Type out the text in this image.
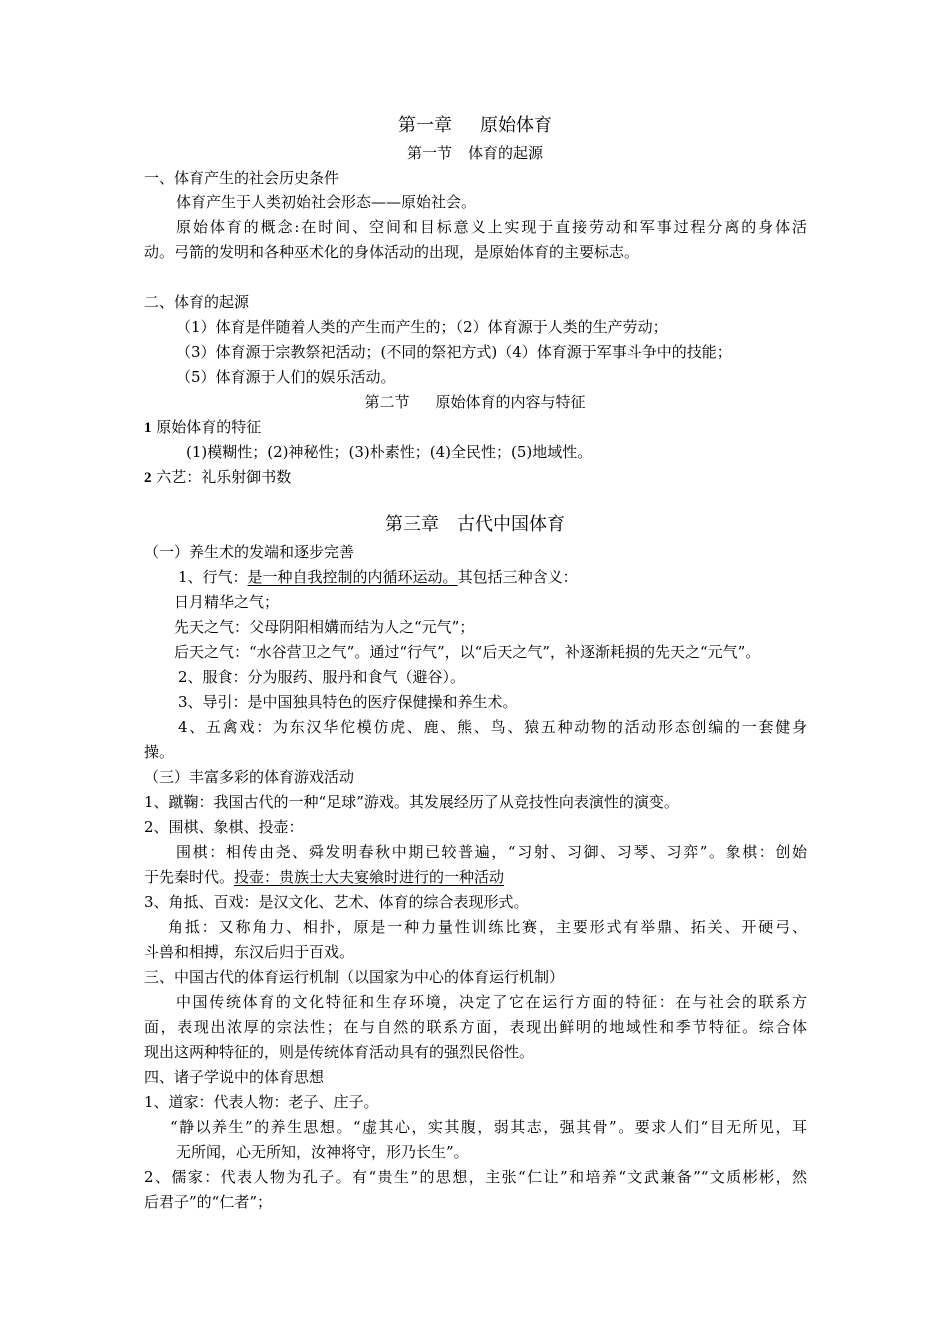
第一章 原始体育
第一节 体育的起源
一、体育产生的社会历史条件
体育产生于人类初始社会形态——原始社会。
原始体育的概念:在时间、空间和目标意义上实现于直接劳动和军事过程分离的身体活
动。弓箭的发明和各种巫术化的身体活动的出现，是原始体育的主要标志。
二、体育的起源
（1）体育是伴随着人类的产生而产生的；（2）体育源于人类的生产劳动；
（3）体育源于宗教祭祀活动；(不同的祭祀方式)（4）体育源于军事斗争中的技能；
（5）体育源于人们的娱乐活动。
第二节 原始体育的内容与特征
1 原始体育的特征
(1)模糊性；(2)神秘性；(3)朴素性；(4)全民性；(5)地域性。
2 六艺：礼乐射御书数
第三章 古代中国体育
（一）养生术的发端和逐步完善
1、行气：是一种自我控制的内循环运动。其包括三种含义：
日月精华之气；
先天之气：父母阴阳相媾而结为人之“元气”；
后天之气：“水谷营卫之气”。通过“行气”，以“后天之气”，补逐渐耗损的先天之“元气”。
2、服食：分为服药、服丹和食气（避谷）。
3、导引：是中国独具特色的医疗保健操和养生术。
4、五禽戏：为东汉华佗模仿虎、鹿、熊、鸟、猿五种动物的活动形态创编的一套健身
操。
（三）丰富多彩的体育游戏活动
1、蹴鞠：我国古代的一种“足球”游戏。其发展经历了从竞技性向表演性的演变。
2、围棋、象棋、投壶：
围棋：相传由尧、舜发明春秋中期已较普遍，“习射、习御、习琴、习弈”。象棋：创始
于先秦时代。投壶：贵族士大夫宴飨时进行的一种活动
3、角抵、百戏：是汉文化、艺术、体育的综合表现形式。
角抵：又称角力、相扑，原是一种力量性训练比赛，主要形式有举鼎、拓关、开硬弓、
斗兽和相搏，东汉后归于百戏。
三、中国古代的体育运行机制（以国家为中心的体育运行机制）
中国传统体育的文化特征和生存环境，决定了它在运行方面的特征：在与社会的联系方
面，表现出浓厚的宗法性；在与自然的联系方面，表现出鲜明的地域性和季节特征。综合体
现出这两种特征的，则是传统体育活动具有的强烈民俗性。
四、诸子学说中的体育思想
1、道家：代表人物：老子、庄子。
“静以养生”的养生思想。“虚其心，实其腹，弱其志，强其骨”。要求人们“目无所见，耳
无所闻，心无所知，汝神将守，形乃长生”。
2、儒家：代表人物为孔子。有“贵生”的思想，主张“仁让”和培养“文武兼备”“文质彬彬，然
后君子”的“仁者”；
